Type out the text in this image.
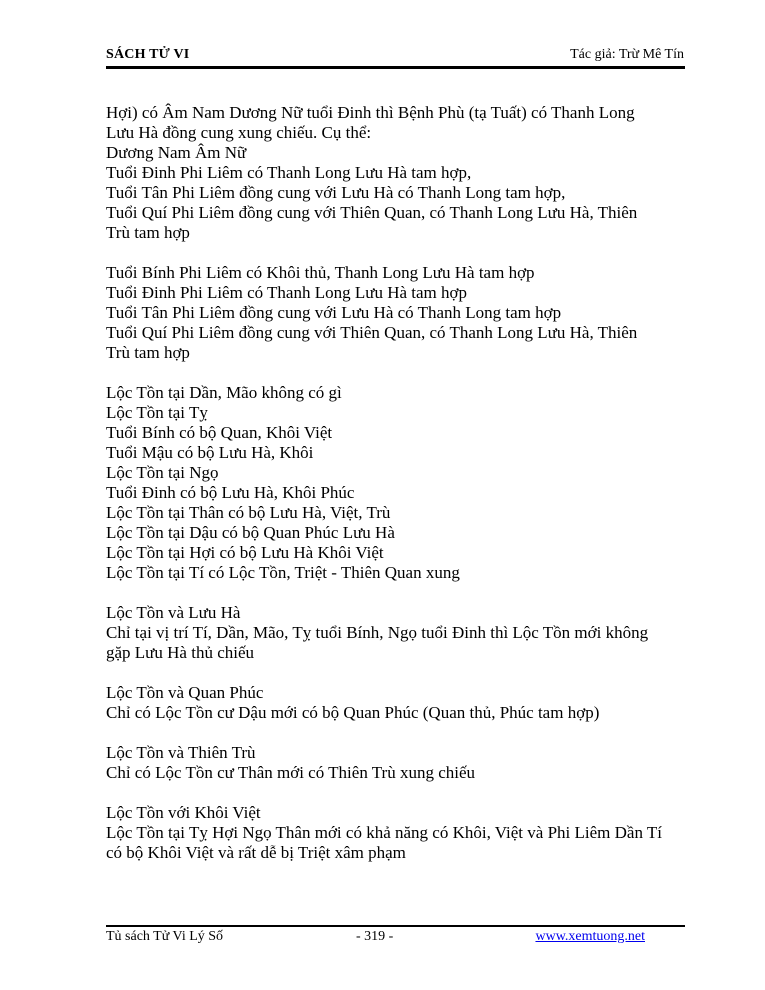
SÁCH TỬ VI	Tác giả: Trừ Mê Tín
Hợi) có Âm Nam Dương Nữ tuổi Đinh thì Bệnh Phù (tạ Tuất) có Thanh Long
Lưu Hà đồng cung xung chiếu. Cụ thể:
Dương Nam Âm Nữ
Tuổi Đinh Phi Liêm có Thanh Long Lưu Hà tam hợp,
Tuổi Tân Phi Liêm đồng cung với Lưu Hà có Thanh Long tam hợp,
Tuổi Quí Phi Liêm đồng cung với Thiên Quan, có Thanh Long Lưu Hà, Thiên
Trù tam hợp
Tuổi Bính Phi Liêm có Khôi thủ, Thanh Long Lưu Hà tam hợp
Tuổi Đinh Phi Liêm có Thanh Long Lưu Hà tam hợp
Tuổi Tân Phi Liêm đồng cung với Lưu Hà có Thanh Long tam hợp
Tuổi Quí Phi Liêm đồng cung với Thiên Quan, có Thanh Long Lưu Hà, Thiên
Trù tam hợp
Lộc Tồn tại Dần, Mão không có gì
Lộc Tồn tại Tỵ
Tuổi Bính có bộ Quan, Khôi Việt
Tuổi Mậu có bộ Lưu Hà, Khôi
Lộc Tồn tại Ngọ
Tuổi Đinh có bộ Lưu Hà, Khôi Phúc
Lộc Tồn tại Thân có bộ Lưu Hà, Việt, Trù
Lộc Tồn tại Dậu có bộ Quan Phúc Lưu Hà
Lộc Tồn tại Hợi có bộ Lưu Hà Khôi Việt
Lộc Tồn tại Tí có Lộc Tồn, Triệt - Thiên Quan xung
Lộc Tồn và Lưu Hà
Chỉ tại vị trí Tí, Dần, Mão, Tỵ tuổi Bính, Ngọ tuổi Đinh thì Lộc Tồn mới không
gặp Lưu Hà thủ chiếu
Lộc Tồn và Quan Phúc
Chỉ có Lộc Tồn cư Dậu mới có bộ Quan Phúc (Quan thủ, Phúc tam hợp)
Lộc Tồn và Thiên Trù
Chỉ có Lộc Tồn cư Thân mới có Thiên Trù xung chiếu
Lộc Tồn với Khôi Việt
Lộc Tồn tại Tỵ Hợi Ngọ Thân mới có khả năng có Khôi, Việt và Phi Liêm Dần Tí
có bộ Khôi Việt và rất dễ bị Triệt xâm phạm
Tủ sách Tử Vi Lý Số	- 319 -	www.xemtuong.net
